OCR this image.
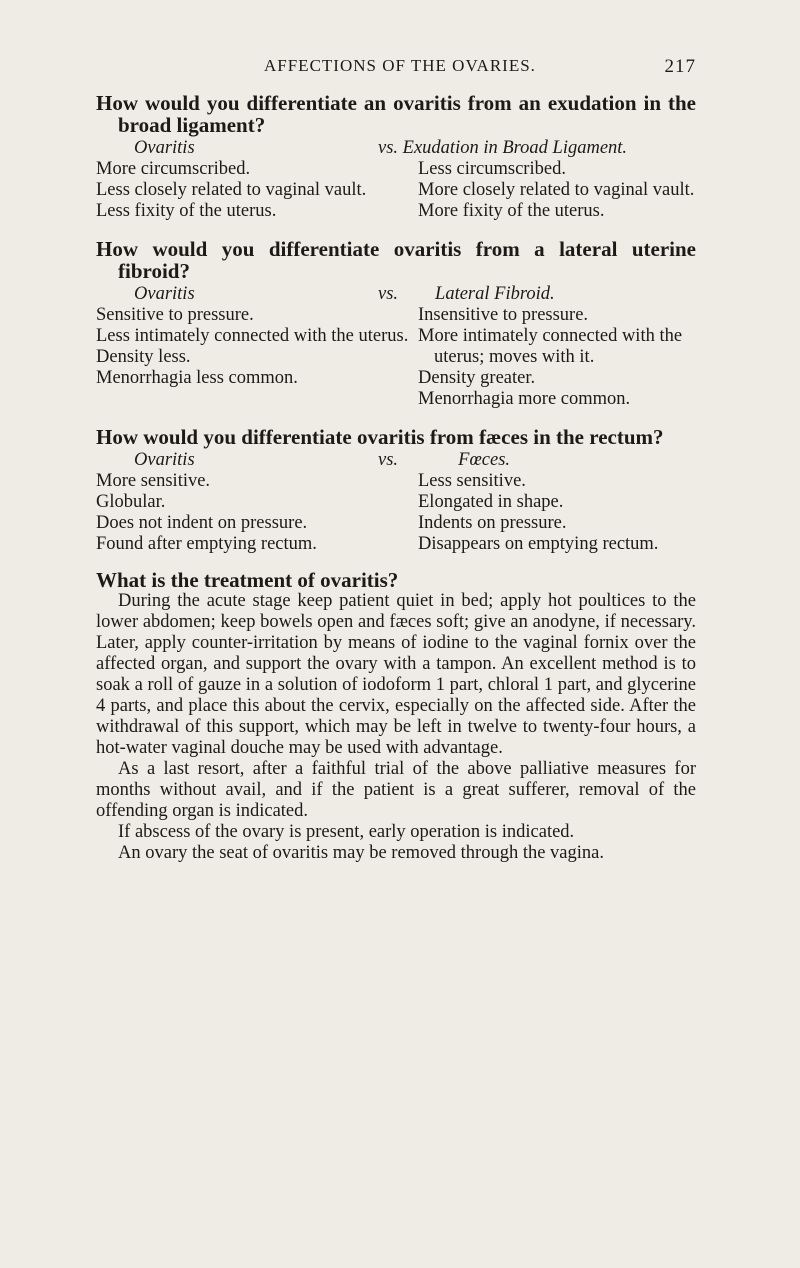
AFFECTIONS OF THE OVARIES.	217

How would you differentiate an ovaritis from an exudation in the broad ligament?

Ovaritis
More circumscribed.
Less closely related to vaginal vault.
Less fixity of the uterus.
vs. Exudation in Broad Ligament.
Less circumscribed.
More closely related to vaginal vault.
More fixity of the uterus.

How would you differentiate ovaritis from a lateral uterine fibroid?

Ovaritis
Sensitive to pressure.
Less intimately connected with the uterus.
Density less.
Menorrhagia less common.
vs. Lateral Fibroid.
Insensitive to pressure.
More intimately connected with the uterus; moves with it.
Density greater.
Menorrhagia more common.

How would you differentiate ovaritis from fæces in the rectum?

Ovaritis
More sensitive.
Globular.
Does not indent on pressure.
Found after emptying rectum.
vs.	Fœces.
Less sensitive.
Elongated in shape.
Indents on pressure.
Disappears on emptying rectum.

What is the treatment of ovaritis?

During the acute stage keep patient quiet in bed; apply hot poultices to the lower abdomen; keep bowels open and fæces soft; give an anodyne, if necessary. Later, apply counter-irritation by means of iodine to the vaginal fornix over the affected organ, and support the ovary with a tampon. An excellent method is to soak a roll of gauze in a solution of iodoform 1 part, chloral 1 part, and glycerine 4 parts, and place this about the cervix, especially on the affected side. After the withdrawal of this support, which may be left in twelve to twenty-four hours, a hot-water vaginal douche may be used with advantage.

As a last resort, after a faithful trial of the above palliative measures for months without avail, and if the patient is a great sufferer, removal of the offending organ is indicated.

If abscess of the ovary is present, early operation is indicated.

An ovary the seat of ovaritis may be removed through the vagina.
